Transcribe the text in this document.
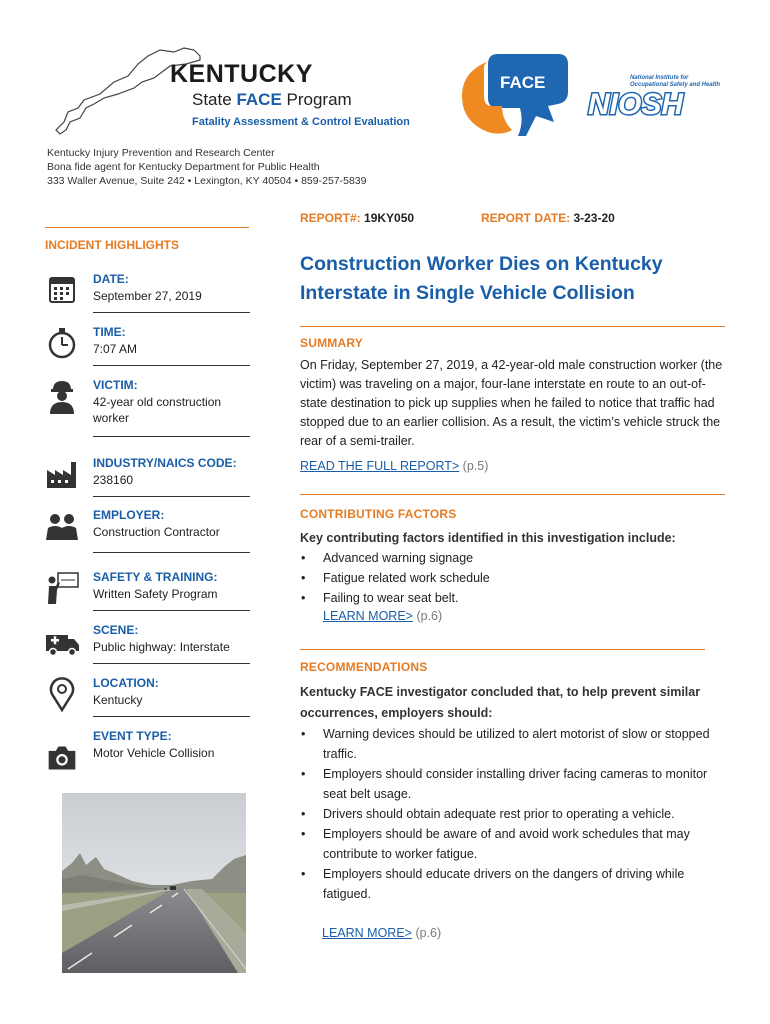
KENTUCKY
State FACE Program
Fatality Assessment & Control Evaluation
Kentucky Injury Prevention and Research Center
Bona fide agent for Kentucky Department for Public Health
333 Waller Avenue, Suite 242 • Lexington, KY 40504 • 859-257-5839
FACE
NIOSH
National Institute for
Occupational Safety and Health
REPORT#: 19KY050	REPORT DATE: 3-23-20
INCIDENT HIGHLIGHTS
DATE:
September 27, 2019
TIME:
7:07 AM
VICTIM:
42-year old construction worker
INDUSTRY/NAICS CODE:
238160
EMPLOYER:
Construction Contractor
SAFETY & TRAINING:
Written Safety Program
SCENE:
Public highway: Interstate
LOCATION:
Kentucky
EVENT TYPE:
Motor Vehicle Collision
Construction Worker Dies on Kentucky
Interstate in Single Vehicle Collision
SUMMARY
On Friday, September 27, 2019, a 42-year-old male construction worker (the victim) was traveling on a major, four-lane interstate en route to an out-of-state destination to pick up supplies when he failed to notice that traffic had stopped due to an earlier collision. As a result, the victim’s vehicle struck the rear of a semi-trailer.
READ THE FULL REPORT> (p.5)
CONTRIBUTING FACTORS
Key contributing factors identified in this investigation include:
• Advanced warning signage
• Fatigue related work schedule
• Failing to wear seat belt.
LEARN MORE> (p.6)
RECOMMENDATIONS
Kentucky FACE investigator concluded that, to help prevent similar occurrences, employers should:
• Warning devices should be utilized to alert motorist of slow or stopped traffic.
• Employers should consider installing driver facing cameras to monitor seat belt usage.
• Drivers should obtain adequate rest prior to operating a vehicle.
• Employers should be aware of and avoid work schedules that may contribute to worker fatigue.
• Employers should educate drivers on the dangers of driving while fatigued.
LEARN MORE> (p.6)
